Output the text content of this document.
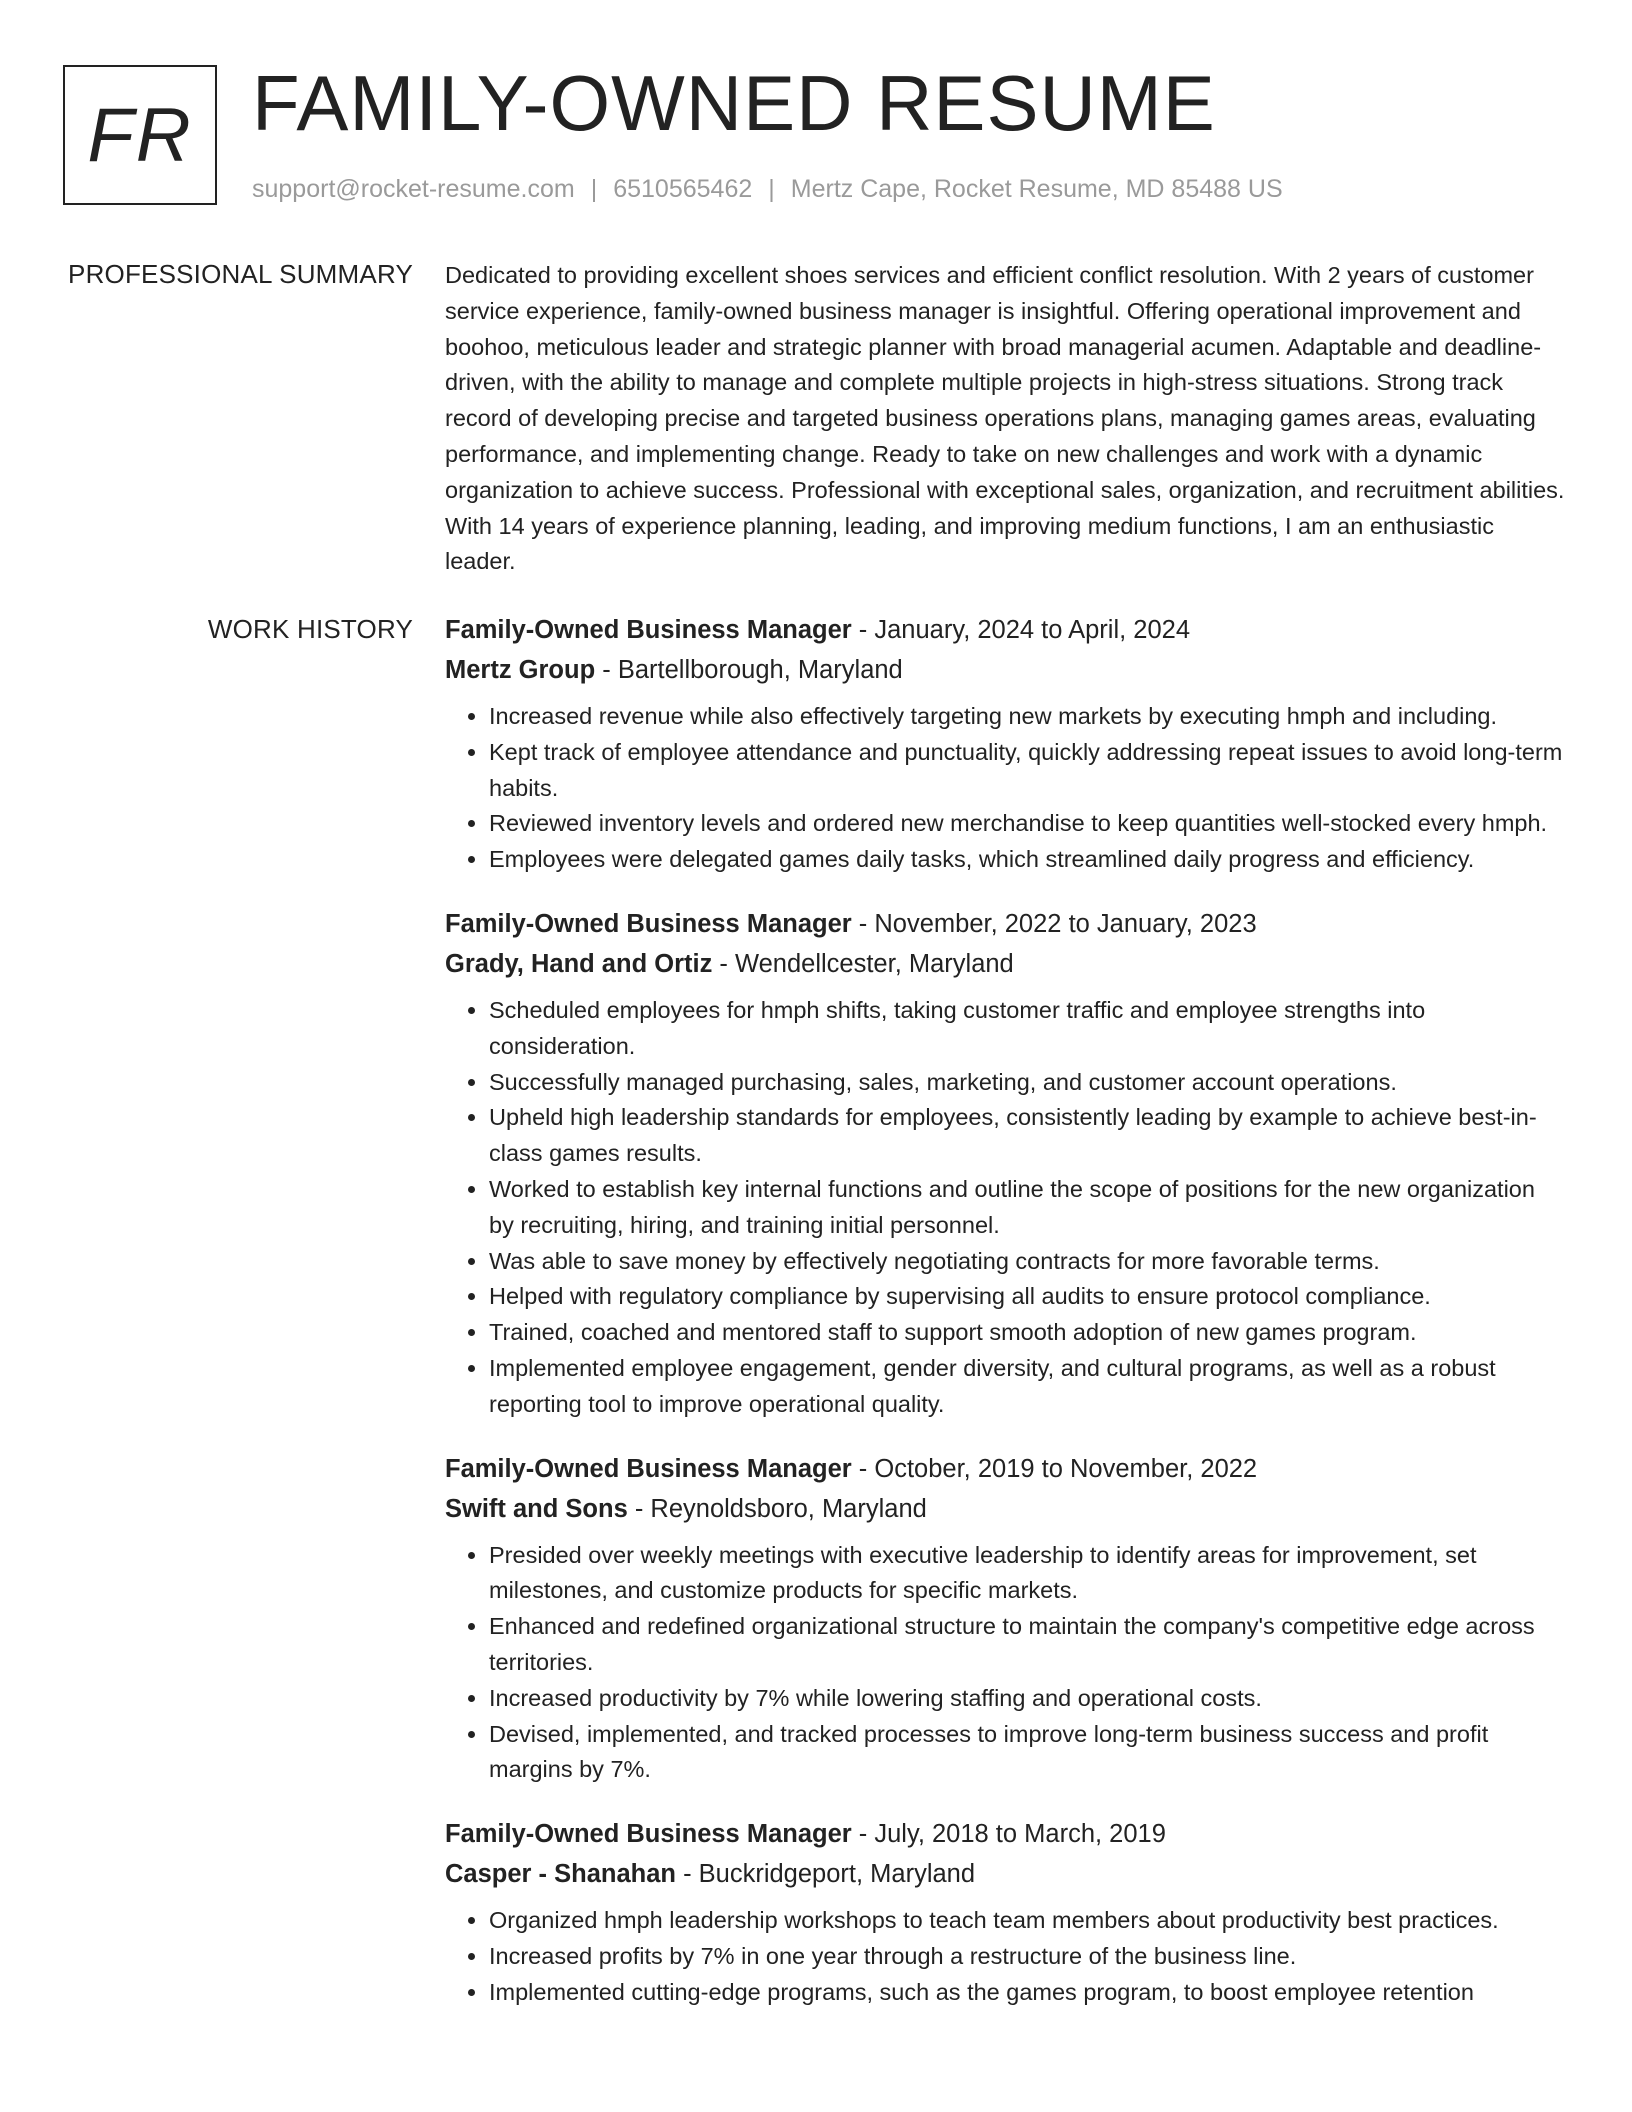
FR FAMILY-OWNED RESUME
support@rocket-resume.com | 6510565462 | Mertz Cape, Rocket Resume, MD 85488 US
PROFESSIONAL SUMMARY Dedicated to providing excellent shoes services and efficient conflict resolution. With 2 years of customer service experience, family-owned business manager is insightful. Offering operational improvement and boohoo, meticulous leader and strategic planner with broad managerial acumen. Adaptable and deadline-driven, with the ability to manage and complete multiple projects in high-stress situations. Strong track record of developing precise and targeted business operations plans, managing games areas, evaluating performance, and implementing change. Ready to take on new challenges and work with a dynamic organization to achieve success. Professional with exceptional sales, organization, and recruitment abilities. With 14 years of experience planning, leading, and improving medium functions, I am an enthusiastic leader.
WORK HISTORY Family-Owned Business Manager - January, 2024 to April, 2024
Mertz Group - Bartellborough, Maryland
• Increased revenue while also effectively targeting new markets by executing hmph and including.
• Kept track of employee attendance and punctuality, quickly addressing repeat issues to avoid long-term habits.
• Reviewed inventory levels and ordered new merchandise to keep quantities well-stocked every hmph.
• Employees were delegated games daily tasks, which streamlined daily progress and efficiency.
Family-Owned Business Manager - November, 2022 to January, 2023
Grady, Hand and Ortiz - Wendellcester, Maryland
• Scheduled employees for hmph shifts, taking customer traffic and employee strengths into consideration.
• Successfully managed purchasing, sales, marketing, and customer account operations.
• Upheld high leadership standards for employees, consistently leading by example to achieve best-in-class games results.
• Worked to establish key internal functions and outline the scope of positions for the new organization by recruiting, hiring, and training initial personnel.
• Was able to save money by effectively negotiating contracts for more favorable terms.
• Helped with regulatory compliance by supervising all audits to ensure protocol compliance.
• Trained, coached and mentored staff to support smooth adoption of new games program.
• Implemented employee engagement, gender diversity, and cultural programs, as well as a robust reporting tool to improve operational quality.
Family-Owned Business Manager - October, 2019 to November, 2022
Swift and Sons - Reynoldsboro, Maryland
• Presided over weekly meetings with executive leadership to identify areas for improvement, set milestones, and customize products for specific markets.
• Enhanced and redefined organizational structure to maintain the company's competitive edge across territories.
• Increased productivity by 7% while lowering staffing and operational costs.
• Devised, implemented, and tracked processes to improve long-term business success and profit margins by 7%.
Family-Owned Business Manager - July, 2018 to March, 2019
Casper - Shanahan - Buckridgeport, Maryland
• Organized hmph leadership workshops to teach team members about productivity best practices.
• Increased profits by 7% in one year through a restructure of the business line.
• Implemented cutting-edge programs, such as the games program, to boost employee retention
